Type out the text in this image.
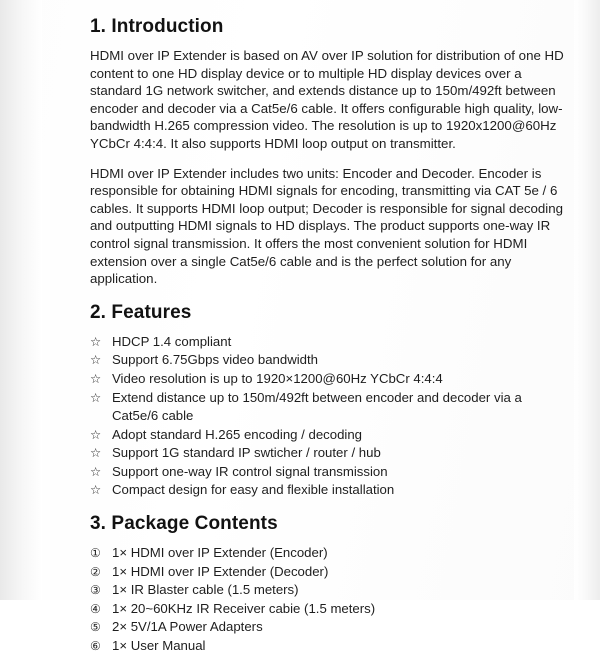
1. Introduction

HDMI over IP Extender is based on AV over IP solution for distribution of one HD content to one HD display device or to multiple HD display devices over a standard 1G network switcher, and extends distance up to 150m/492ft between encoder and decoder via a Cat5e/6 cable. It offers configurable high quality, low-bandwidth H.265 compression video. The resolution is up to 1920x1200@60Hz YCbCr 4:4:4. It also supports HDMI loop output on transmitter.

HDMI over IP Extender includes two units: Encoder and Decoder. Encoder is responsible for obtaining HDMI signals for encoding, transmitting via CAT 5e / 6 cables. It supports HDMI loop output; Decoder is responsible for signal decoding and outputting HDMI signals to HD displays. The product supports one-way IR control signal transmission. It offers the most convenient solution for HDMI extension over a single Cat5e/6 cable and is the perfect solution for any application.

2. Features
☆ HDCP 1.4 compliant
☆ Support 6.75Gbps video bandwidth
☆ Video resolution is up to 1920×1200@60Hz YCbCr 4:4:4
☆ Extend distance up to 150m/492ft between encoder and decoder via a Cat5e/6 cable
☆ Adopt standard H.265 encoding / decoding
☆ Support 1G standard IP swticher / router / hub
☆ Support one-way IR control signal transmission
☆ Compact design for easy and flexible installation
3. Package Contents
① 1× HDMI over IP Extender (Encoder)
② 1× HDMI over IP Extender (Decoder)
③ 1× IR Blaster cable (1.5 meters)
④ 1× 20~60KHz IR Receiver cabie (1.5 meters)
⑤ 2× 5V/1A Power Adapters
⑥ 1× User Manual
